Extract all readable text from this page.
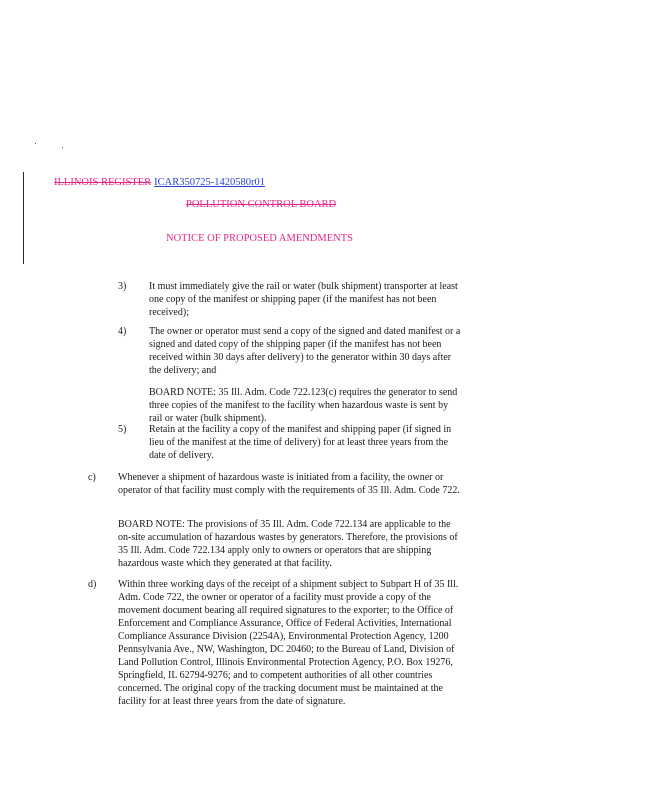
ILLINOIS REGISTER ICAR350725-1420580r01
POLLUTION CONTROL BOARD
NOTICE OF PROPOSED AMENDMENTS
3) It must immediately give the rail or water (bulk shipment) transporter at least one copy of the manifest or shipping paper (if the manifest has not been received);

4) The owner or operator must send a copy of the signed and dated manifest or a signed and dated copy of the shipping paper (if the manifest has not been received within 30 days after delivery) to the generator within 30 days after the delivery; and

BOARD NOTE: 35 Ill. Adm. Code 722.123(c) requires the generator to send three copies of the manifest to the facility when hazardous waste is sent by rail or water (bulk shipment).

5) Retain at the facility a copy of the manifest and shipping paper (if signed in lieu of the manifest at the time of delivery) for at least three years from the date of delivery.

c) Whenever a shipment of hazardous waste is initiated from a facility, the owner or operator of that facility must comply with the requirements of 35 Ill. Adm. Code 722.

BOARD NOTE: The provisions of 35 Ill. Adm. Code 722.134 are applicable to the on-site accumulation of hazardous wastes by generators. Therefore, the provisions of 35 Ill. Adm. Code 722.134 apply only to owners or operators that are shipping hazardous waste which they generated at that facility.

d) Within three working days of the receipt of a shipment subject to Subpart H of 35 Ill. Adm. Code 722, the owner or operator of a facility must provide a copy of the movement document bearing all required signatures to the exporter; to the Office of Enforcement and Compliance Assurance, Office of Federal Activities, International Compliance Assurance Division (2254A), Environmental Protection Agency, 1200 Pennsylvania Ave., NW, Washington, DC 20460; to the Bureau of Land, Division of Land Pollution Control, Illinois Environmental Protection Agency, P.O. Box 19276, Springfield, IL 62794-9276; and to competent authorities of all other countries concerned. The original copy of the tracking document must be maintained at the facility for at least three years from the date of signature.
